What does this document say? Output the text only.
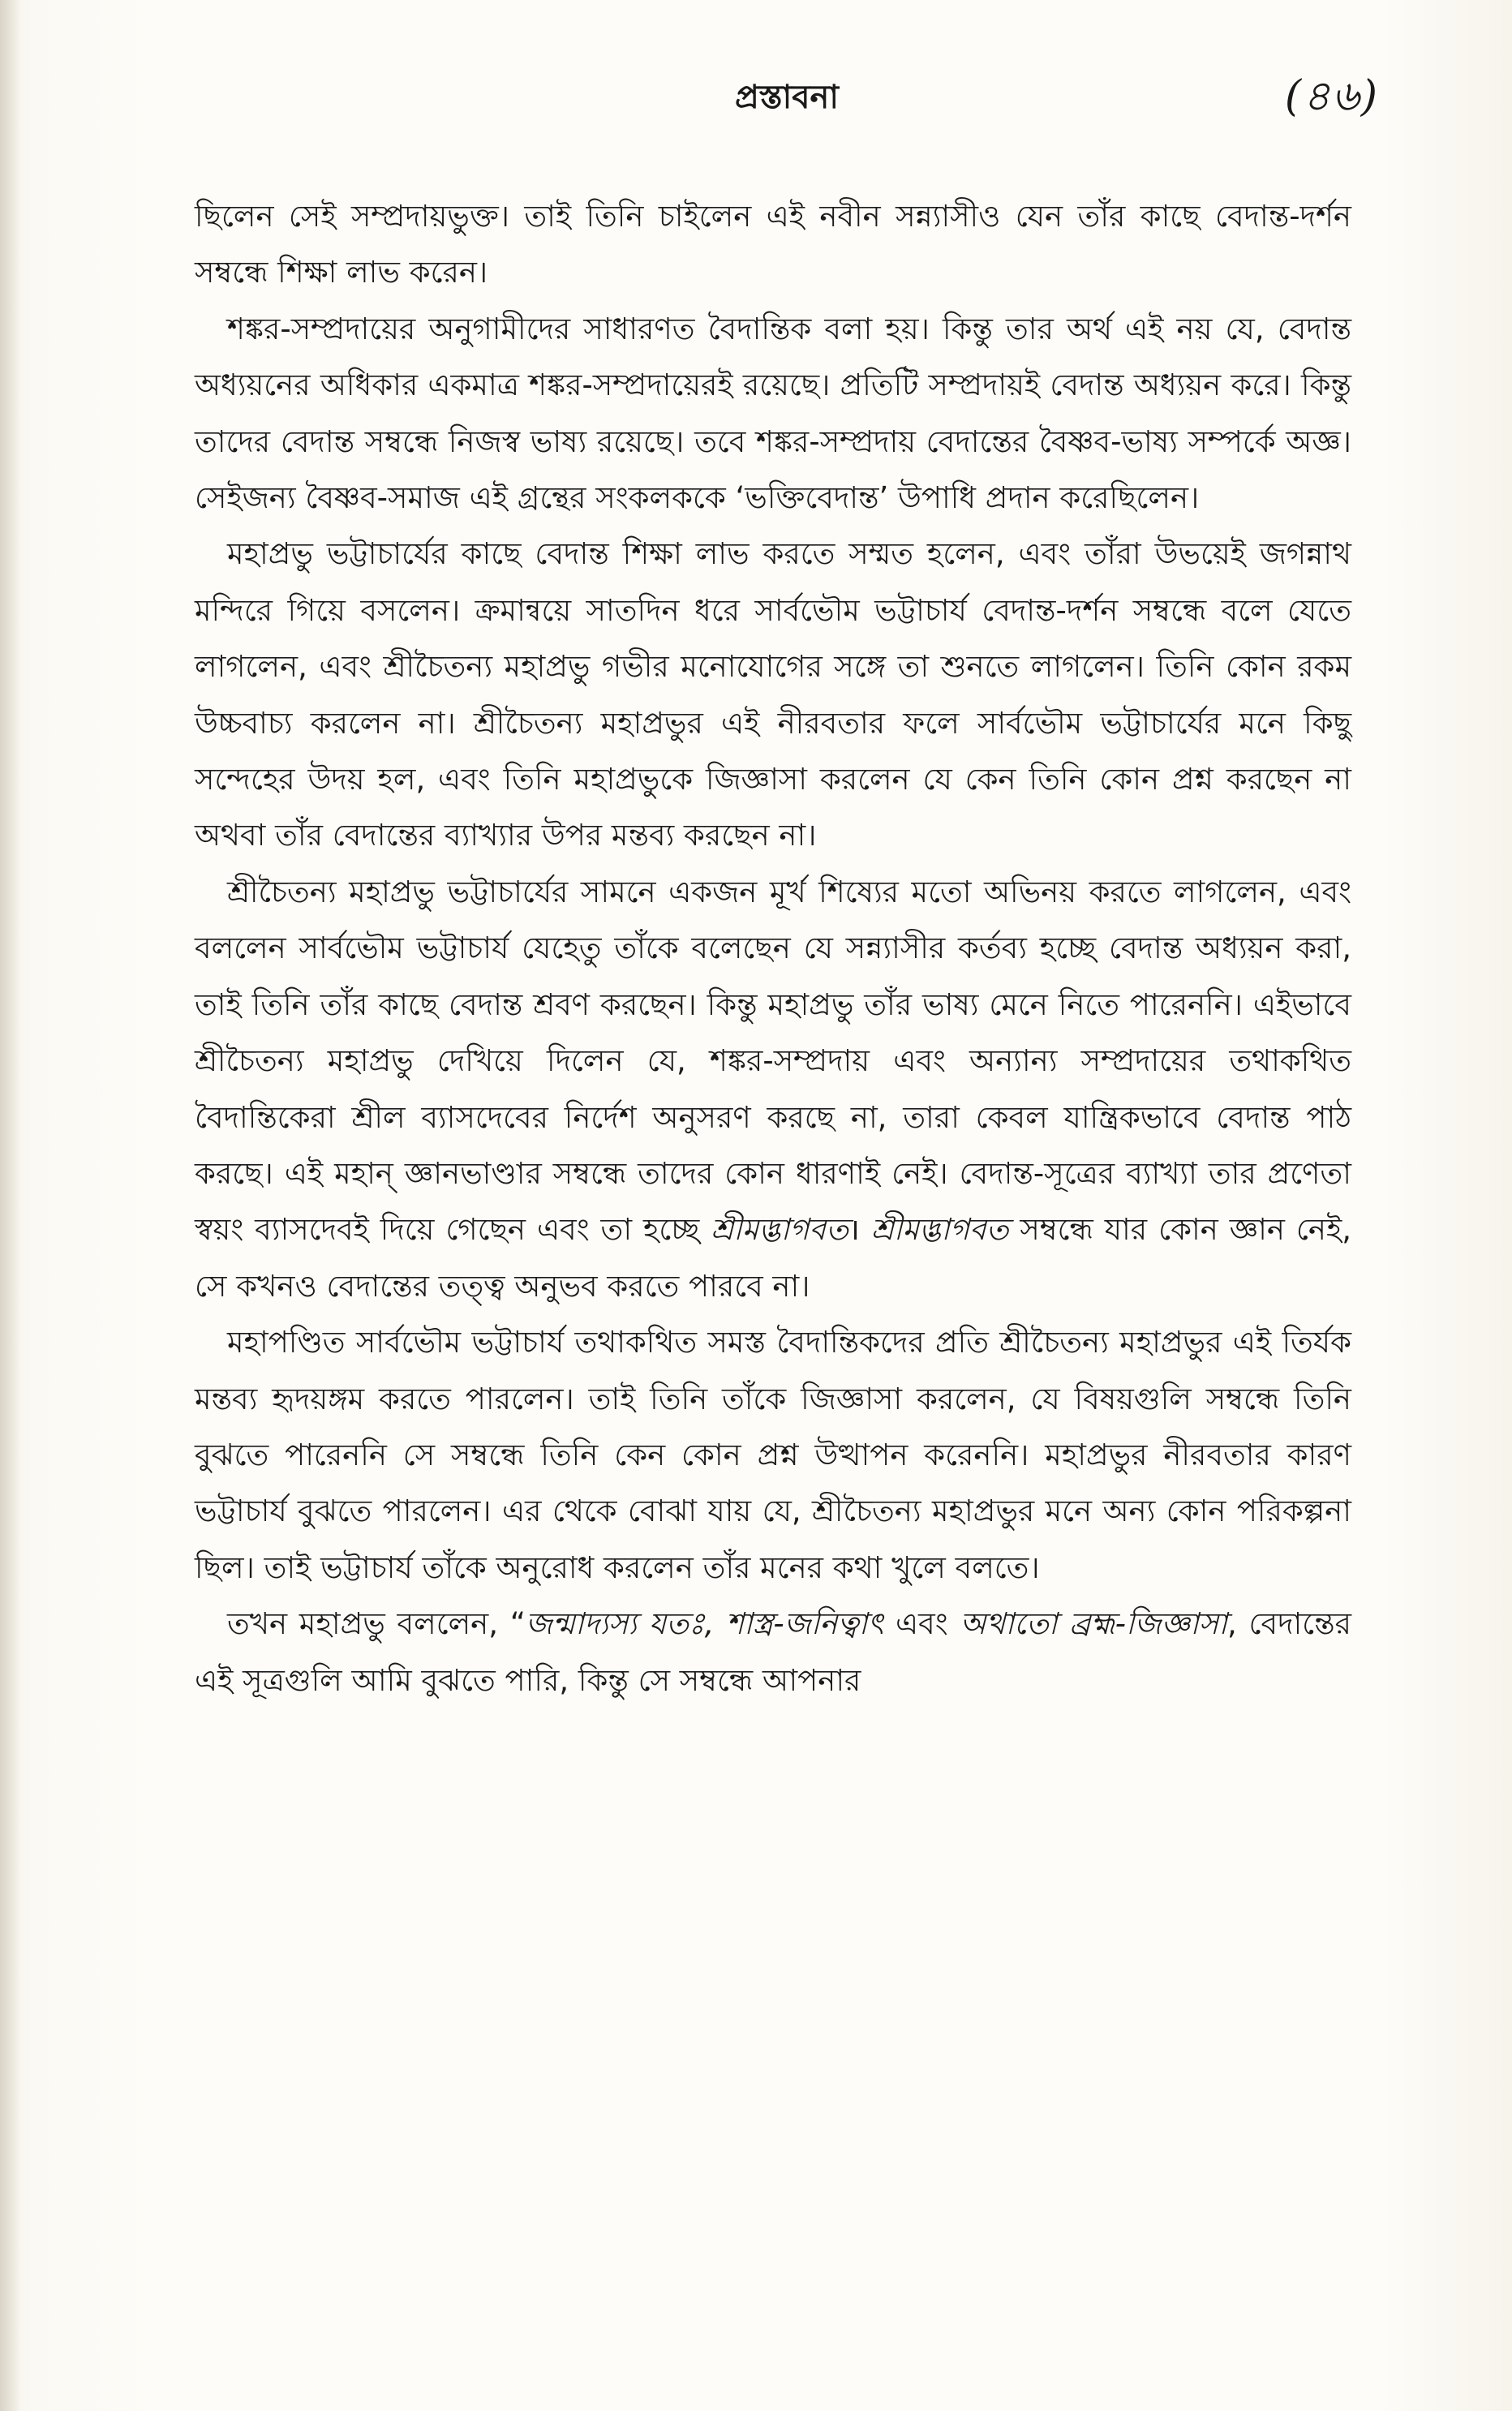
প্রস্তাবনা	(৪৬)

ছিলেন সেই সম্প্রদায়ভুক্ত। তাই তিনি চাইলেন এই নবীন সন্ন্যাসীও যেন তাঁর কাছে বেদান্ত-দর্শন সম্বন্ধে শিক্ষা লাভ করেন।

শঙ্কর-সম্প্রদায়ের অনুগামীদের সাধারণত বৈদান্তিক বলা হয়। কিন্তু তার অর্থ এই নয় যে, বেদান্ত অধ্যয়নের অধিকার একমাত্র শঙ্কর-সম্প্রদায়েরই রয়েছে। প্রতিটি সম্প্রদায়ই বেদান্ত অধ্যয়ন করে। কিন্তু তাদের বেদান্ত সম্বন্ধে নিজস্ব ভাষ্য রয়েছে। তবে শঙ্কর-সম্প্রদায় বেদান্তের বৈষ্ণব-ভাষ্য সম্পর্কে অজ্ঞ। সেইজন্য বৈষ্ণব-সমাজ এই গ্রন্থের সংকলককে ‘ভক্তিবেদান্ত’ উপাধি প্রদান করেছিলেন।

মহাপ্রভু ভট্টাচার্যের কাছে বেদান্ত শিক্ষা লাভ করতে সম্মত হলেন, এবং তাঁরা উভয়েই জগন্নাথ মন্দিরে গিয়ে বসলেন। ক্রমান্বয়ে সাতদিন ধরে সার্বভৌম ভট্টাচার্য বেদান্ত-দর্শন সম্বন্ধে বলে যেতে লাগলেন, এবং শ্রীচৈতন্য মহাপ্রভু গভীর মনোযোগের সঙ্গে তা শুনতে লাগলেন। তিনি কোন রকম উচ্চবাচ্য করলেন না। শ্রীচৈতন্য মহাপ্রভুর এই নীরবতার ফলে সার্বভৌম ভট্টাচার্যের মনে কিছু সন্দেহের উদয় হল, এবং তিনি মহাপ্রভুকে জিজ্ঞাসা করলেন যে কেন তিনি কোন প্রশ্ন করছেন না অথবা তাঁর বেদান্তের ব্যাখ্যার উপর মন্তব্য করছেন না।

শ্রীচৈতন্য মহাপ্রভু ভট্টাচার্যের সামনে একজন মূর্খ শিষ্যের মতো অভিনয় করতে লাগলেন, এবং বললেন সার্বভৌম ভট্টাচার্য যেহেতু তাঁকে বলেছেন যে সন্ন্যাসীর কর্তব্য হচ্ছে বেদান্ত অধ্যয়ন করা, তাই তিনি তাঁর কাছে বেদান্ত শ্রবণ করছেন। কিন্তু মহাপ্রভু তাঁর ভাষ্য মেনে নিতে পারেননি। এইভাবে শ্রীচৈতন্য মহাপ্রভু দেখিয়ে দিলেন যে, শঙ্কর-সম্প্রদায় এবং অন্যান্য সম্প্রদায়ের তথাকথিত বৈদান্তিকেরা শ্রীল ব্যাসদেবের নির্দেশ অনুসরণ করছে না, তারা কেবল যান্ত্রিকভাবে বেদান্ত পাঠ করছে। এই মহান্ জ্ঞানভাণ্ডার সম্বন্ধে তাদের কোন ধারণাই নেই। বেদান্ত-সূত্রের ব্যাখ্যা তার প্রণেতা স্বয়ং ব্যাসদেবই দিয়ে গেছেন এবং তা হচ্ছে শ্রীমদ্ভাগবত। শ্রীমদ্ভাগবত সম্বন্ধে যার কোন জ্ঞান নেই, সে কখনও বেদান্তের তত্ত্ব অনুভব করতে পারবে না।

মহাপণ্ডিত সার্বভৌম ভট্টাচার্য তথাকথিত সমস্ত বৈদান্তিকদের প্রতি শ্রীচৈতন্য মহাপ্রভুর এই তির্যক মন্তব্য হৃদয়ঙ্গম করতে পারলেন। তাই তিনি তাঁকে জিজ্ঞাসা করলেন, যে বিষয়গুলি সম্বন্ধে তিনি বুঝতে পারেননি সে সম্বন্ধে তিনি কেন কোন প্রশ্ন উত্থাপন করেননি। মহাপ্রভুর নীরবতার কারণ ভট্টাচার্য বুঝতে পারলেন। এর থেকে বোঝা যায় যে, শ্রীচৈতন্য মহাপ্রভুর মনে অন্য কোন পরিকল্পনা ছিল। তাই ভট্টাচার্য তাঁকে অনুরোধ করলেন তাঁর মনের কথা খুলে বলতে।

তখন মহাপ্রভু বললেন, “জন্মাদ্যস্য যতঃ, শাস্ত্র-জনিত্বাৎ এবং অথাতো ব্রহ্ম-জিজ্ঞাসা, বেদান্তের এই সূত্রগুলি আমি বুঝতে পারি, কিন্তু সে সম্বন্ধে আপনার
